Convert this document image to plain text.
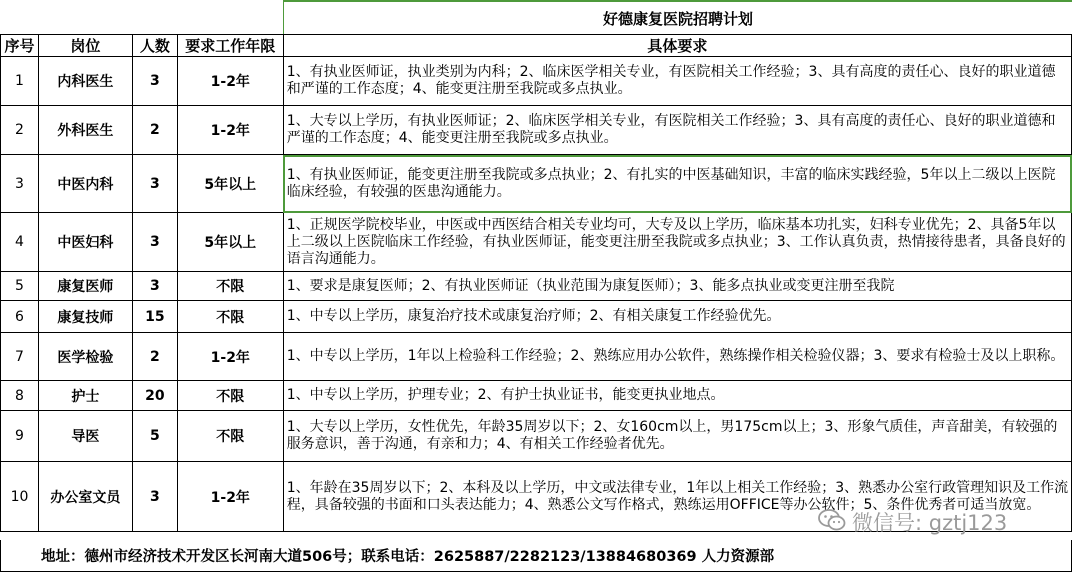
好德康复医院招聘计划
序号	岗位	人数	要求工作年限	具体要求
1	内科医生	3	1-2年	1、有执业医师证，执业类别为内科；2、临床医学相关专业，有医院相关工作经验；3、具有高度的责任心、良好的职业道德和严谨的工作态度；4、能变更注册至我院或多点执业。
2	外科医生	2	1-2年	1、大专以上学历，有执业医师证；2、临床医学相关专业，有医院相关工作经验；3、具有高度的责任心、良好的职业道德和严谨的工作态度；4、能变更注册至我院或多点执业。
3	中医内科	3	5年以上	1、有执业医师证，能变更注册至我院或多点执业；2、有扎实的中医基础知识，丰富的临床实践经验，5年以上二级以上医院临床经验，有较强的医患沟通能力。
4	中医妇科	3	5年以上	1、正规医学院校毕业，中医或中西医结合相关专业均可，大专及以上学历，临床基本功扎实，妇科专业优先；2、具备5年以上二级以上医院临床工作经验，有执业医师证，能变更注册至我院或多点执业；3、工作认真负责，热情接待患者，具备良好的语言沟通能力。
5	康复医师	3	不限	1、要求是康复医师；2、有执业医师证（执业范围为康复医师）；3、能多点执业或变更注册至我院
6	康复技师	15	不限	1、中专以上学历，康复治疗技术或康复治疗师；2、有相关康复工作经验优先。
7	医学检验	2	1-2年	1、中专以上学历，1年以上检验科工作经验；2、熟练应用办公软件，熟练操作相关检验仪器；3、要求有检验士及以上职称。
8	护士	20	不限	1、中专以上学历，护理专业；2、有护士执业证书，能变更执业地点。
9	导医	5	不限	1、大专以上学历，女性优先，年龄35周岁以下；2、女160cm以上，男175cm以上；3、形象气质佳，声音甜美，有较强的服务意识，善于沟通，有亲和力；4、有相关工作经验者优先。
10	办公室文员	3	1-2年	1、年龄在35周岁以下；2、本科及以上学历，中文或法律专业，1年以上相关工作经验；3、熟悉办公室行政管理知识及工作流程，具备较强的书面和口头表达能力；4、熟悉公文写作格式，熟练运用OFFICE等办公软件；5、条件优秀者可适当放宽。
地址：德州市经济技术开发区长河南大道506号；联系电话：2625887/2282123/13884680369 人力资源部
微信号: gztj123
